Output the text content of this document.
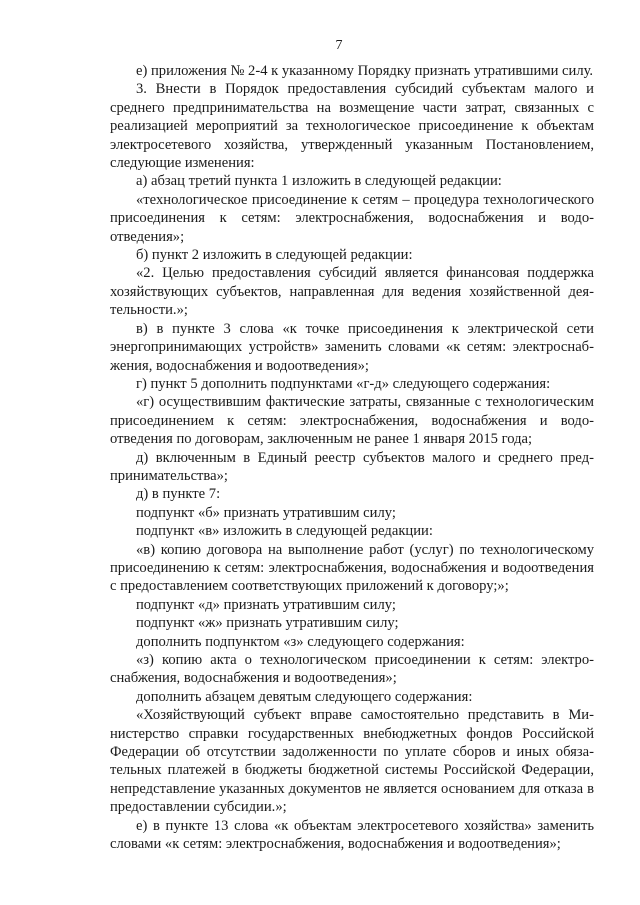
7

е) приложения № 2-4 к указанному Порядку признать утратившими силу.

3. Внести в Порядок предоставления субсидий субъектам малого и среднего предпринимательства на возмещение части затрат, связанных с реализацией мероприятий за технологическое присоединение к объектам электросетевого хозяйства, утвержденный указанным Постановлением, следующие изменения:

а) абзац третий пункта 1 изложить в следующей редакции:

«технологическое присоединение к сетям – процедура технологического присоединения к сетям: электроснабжения, водоснабжения и водоотведения»;

б) пункт 2 изложить в следующей редакции:

«2. Целью предоставления субсидий является финансовая поддержка хозяйствующих субъектов, направленная для ведения хозяйственной деятельности.»;

в) в пункте 3 слова «к точке присоединения к электрической сети энергопринимающих устройств» заменить словами «к сетям: электроснабжения, водоснабжения и водоотведения»;

г) пункт 5 дополнить подпунктами «г-д» следующего содержания:

«г) осуществившим фактические затраты, связанные с технологическим присоединением к сетям: электроснабжения, водоснабжения и водоотведения по договорам, заключенным не ранее 1 января 2015 года;

д) включенным в Единый реестр субъектов малого и среднего предпринимательства»;

д) в пункте 7:

подпункт «б» признать утратившим силу;

подпункт «в» изложить в следующей редакции:

«в) копию договора на выполнение работ (услуг) по технологическому присоединению к сетям: электроснабжения, водоснабжения и водоотведения с предоставлением соответствующих приложений к договору;»;

подпункт «д» признать утратившим силу;

подпункт «ж» признать утратившим силу;

дополнить подпунктом «з» следующего содержания:

«з) копию акта о технологическом присоединении к сетям: электроснабжения, водоснабжения и водоотведения»;

дополнить абзацем девятым следующего содержания:

«Хозяйствующий субъект вправе самостоятельно представить в Министерство справки государственных внебюджетных фондов Российской Федерации об отсутствии задолженности по уплате сборов и иных обязательных платежей в бюджеты бюджетной системы Российской Федерации, непредставление указанных документов не является основанием для отказа в предоставлении субсидии.»;

е) в пункте 13 слова «к объектам электросетевого хозяйства» заменить словами «к сетям: электроснабжения, водоснабжения и водоотведения»;
